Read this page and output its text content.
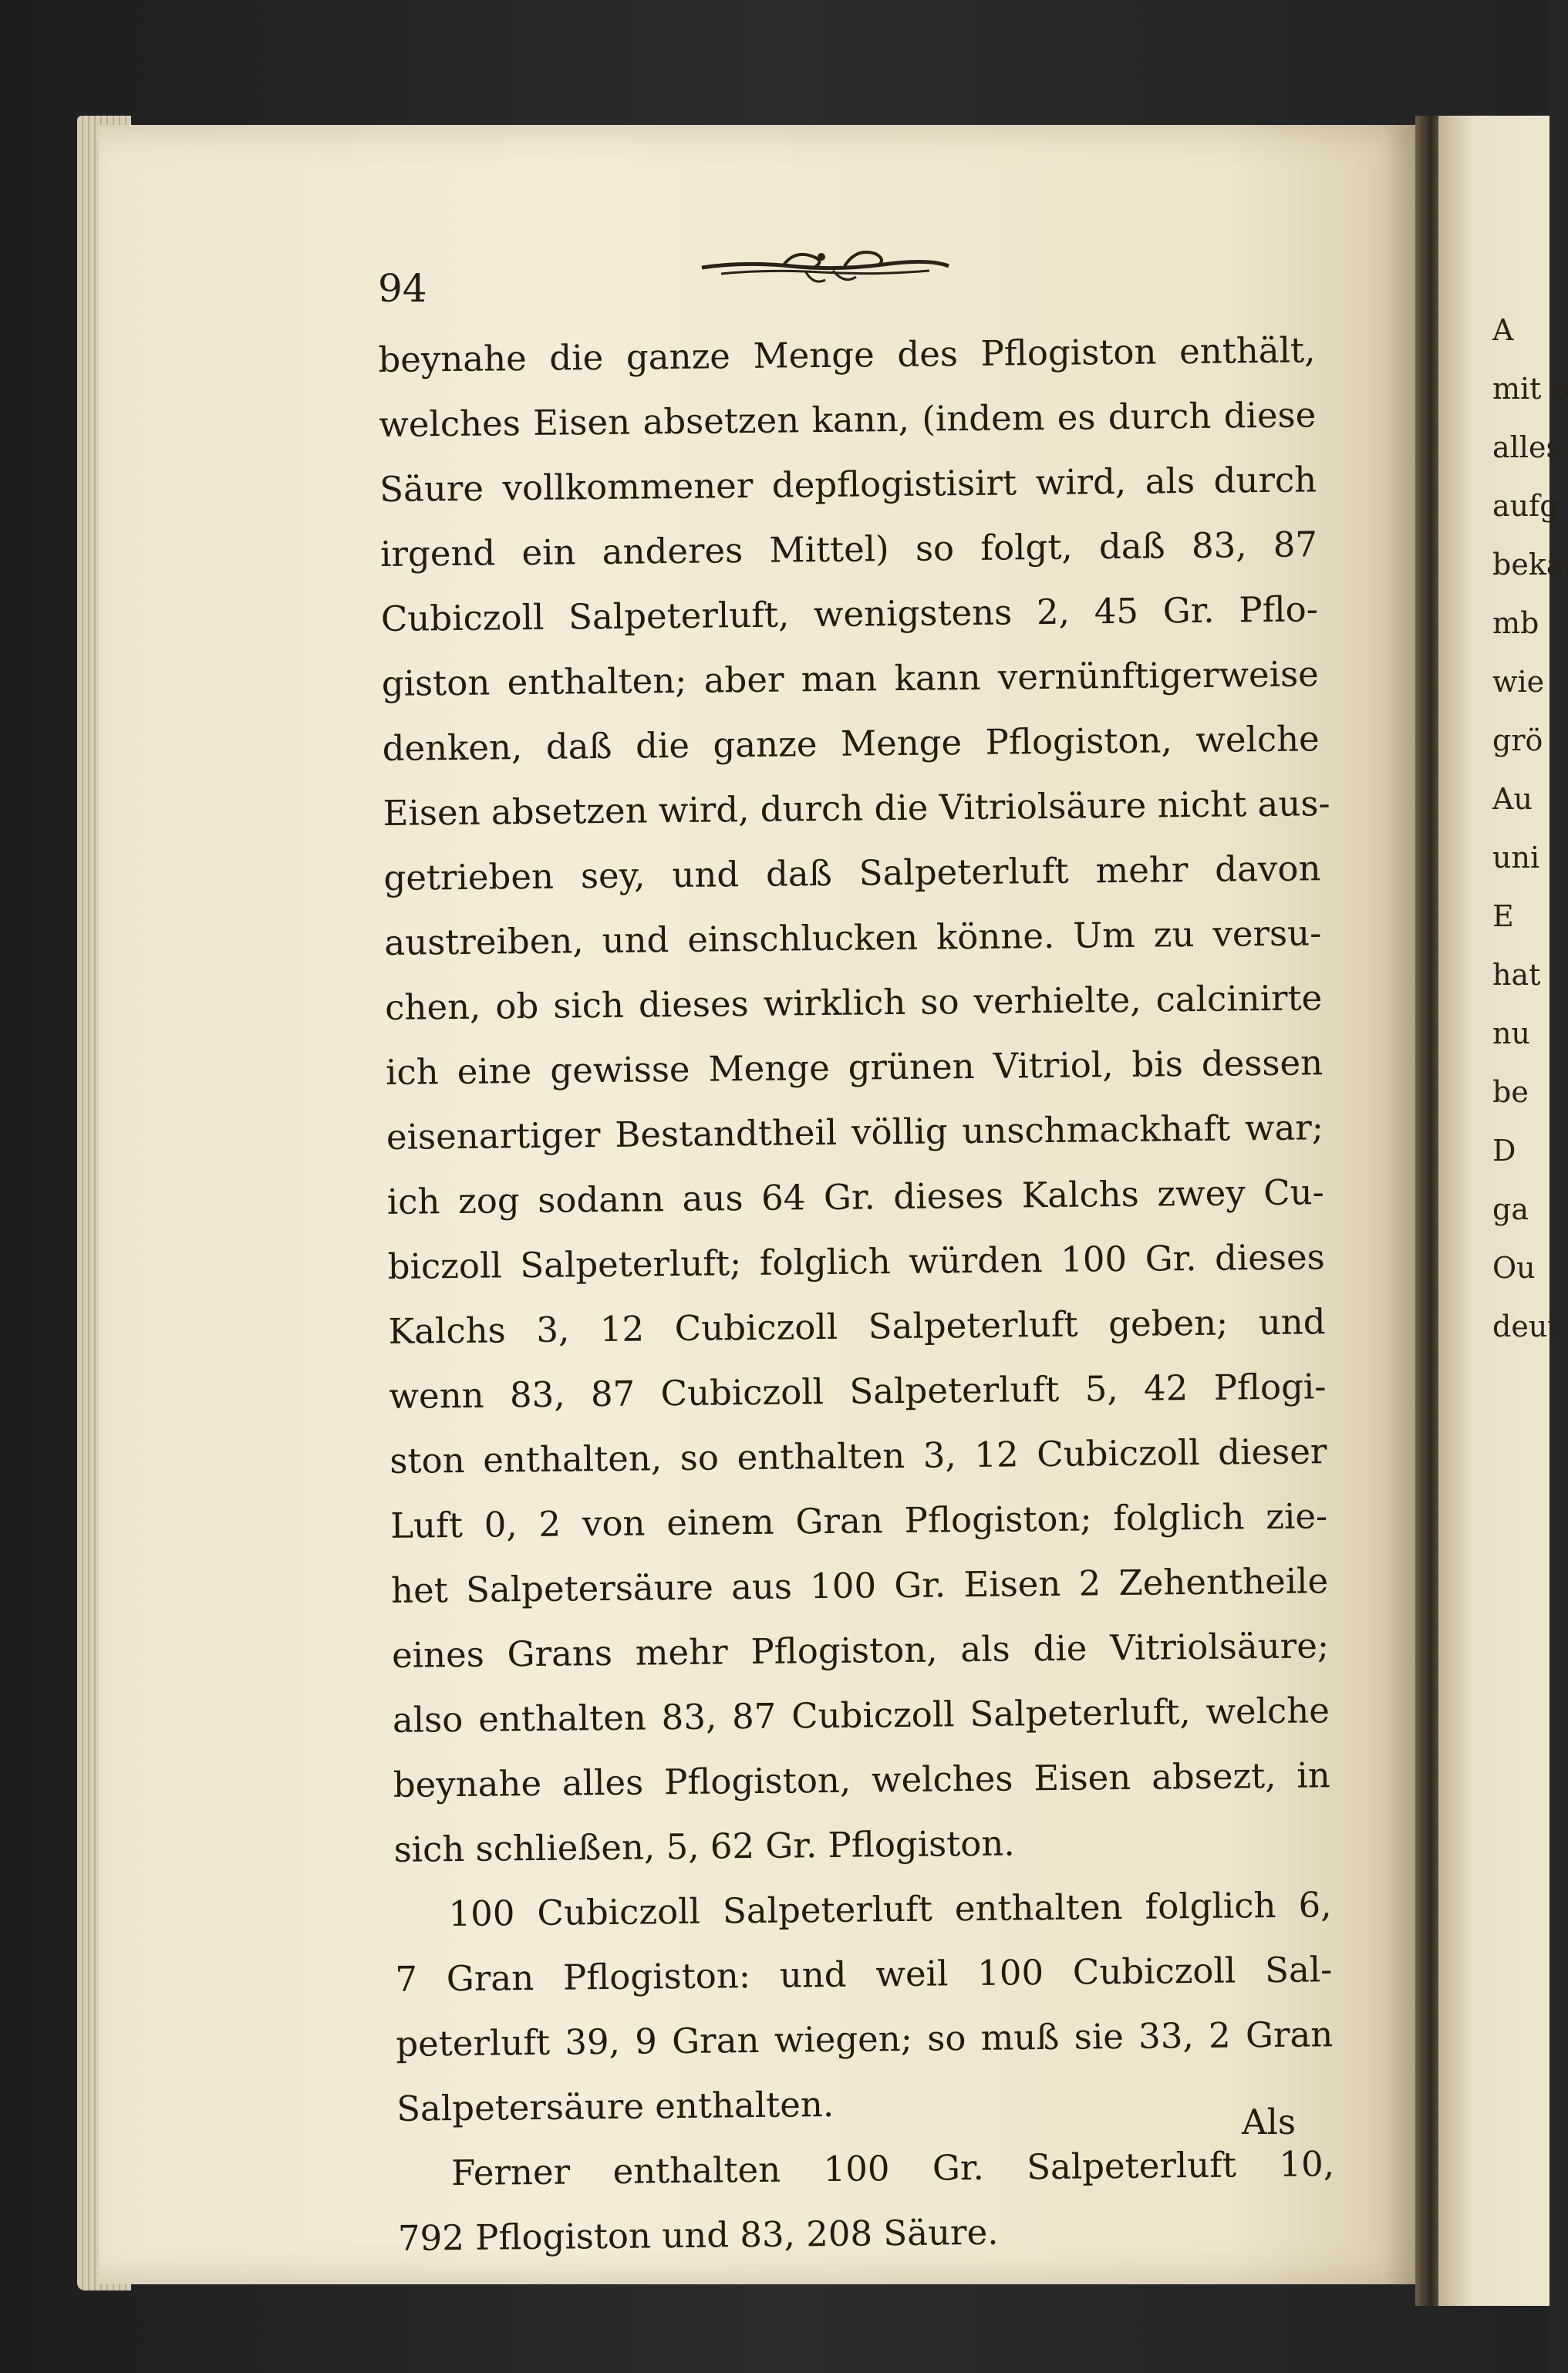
A
mit e
alles
aufg
beka
mb
wie
grö
Au
uni
E
hat
nu
be
D
ga
Ou
deut
94
beynahe die ganze Menge des Pflogiston enthält,
welches Eisen absetzen kann, (indem es durch diese
Säure vollkommener depflogistisirt wird, als durch
irgend ein anderes Mittel) so folgt, daß 83, 87
Cubiczoll Salpeterluft, wenigstens 2, 45 Gr. Pflo-
giston enthalten; aber man kann vernünftigerweise
denken, daß die ganze Menge Pflogiston, welche
Eisen absetzen wird, durch die Vitriolsäure nicht aus-
getrieben sey, und daß Salpeterluft mehr davon
austreiben, und einschlucken könne. Um zu versu-
chen, ob sich dieses wirklich so verhielte, calcinirte
ich eine gewisse Menge grünen Vitriol, bis dessen
eisenartiger Bestandtheil völlig unschmackhaft war;
ich zog sodann aus 64 Gr. dieses Kalchs zwey Cu-
biczoll Salpeterluft; folglich würden 100 Gr. dieses
Kalchs 3, 12 Cubiczoll Salpeterluft geben; und
wenn 83, 87 Cubiczoll Salpeterluft 5, 42 Pflogi-
ston enthalten, so enthalten 3, 12 Cubiczoll dieser
Luft 0, 2 von einem Gran Pflogiston; folglich zie-
het Salpetersäure aus 100 Gr. Eisen 2 Zehentheile
eines Grans mehr Pflogiston, als die Vitriolsäure;
also enthalten 83, 87 Cubiczoll Salpeterluft, welche
beynahe alles Pflogiston, welches Eisen absezt, in
sich schließen, 5, 62 Gr. Pflogiston.
100 Cubiczoll Salpeterluft enthalten folglich 6,
7 Gran Pflogiston: und weil 100 Cubiczoll Sal-
peterluft 39, 9 Gran wiegen; so muß sie 33, 2 Gran
Salpetersäure enthalten.
Ferner enthalten 100 Gr. Salpeterluft 10,
792 Pflogiston und 83, 208 Säure.
Als
